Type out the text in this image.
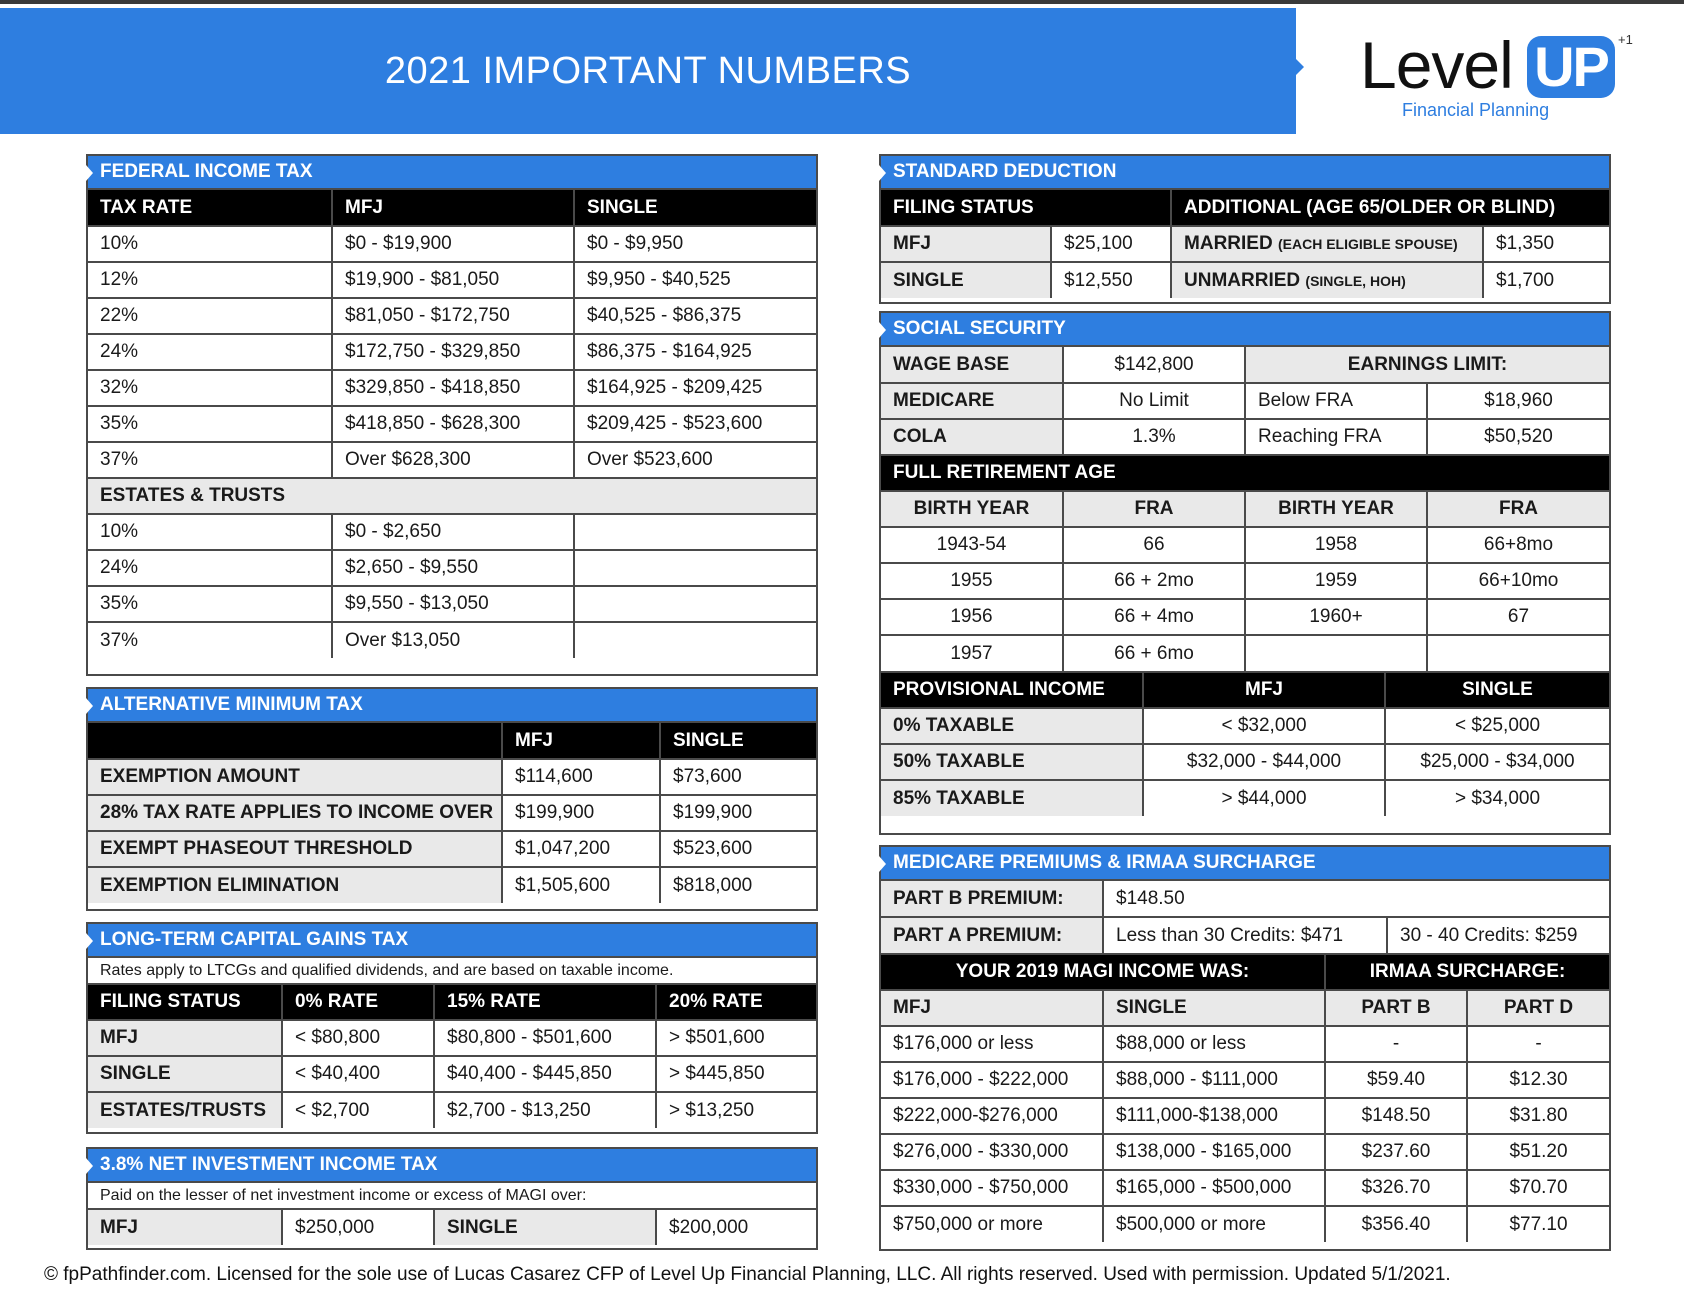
2021 IMPORTANT NUMBERS	Level UP +1
Financial Planning
FEDERAL INCOME TAX
TAX RATE	MFJ	SINGLE
10%	$0 - $19,900	$0 - $9,950
12%	$19,900 - $81,050	$9,950 - $40,525
22%	$81,050 - $172,750	$40,525 - $86,375
24%	$172,750 - $329,850	$86,375 - $164,925
32%	$329,850 - $418,850	$164,925 - $209,425
35%	$418,850 - $628,300	$209,425 - $523,600
37%	Over $628,300	Over $523,600
ESTATES & TRUSTS		
10%	$0 - $2,650	
24%	$2,650 - $9,550	
35%	$9,550 - $13,050	
37%	Over $13,050	
ALTERNATIVE MINIMUM TAX
	MFJ	SINGLE
EXEMPTION AMOUNT	$114,600	$73,600
28% TAX RATE APPLIES TO INCOME OVER	$199,900	$199,900
EXEMPT PHASEOUT THRESHOLD	$1,047,200	$523,600
EXEMPTION ELIMINATION	$1,505,600	$818,000
LONG-TERM CAPITAL GAINS TAX
Rates apply to LTCGs and qualified dividends, and are based on taxable income.			
FILING STATUS	0% RATE	15% RATE	20% RATE
MFJ	< $80,800	$80,800 - $501,600	> $501,600
SINGLE	< $40,400	$40,400 - $445,850	> $445,850
ESTATES/TRUSTS	< $2,700	$2,700 - $13,250	> $13,250
3.8% NET INVESTMENT INCOME TAX
Paid on the lesser of net investment income or excess of MAGI over:
MFJ	$250,000	SINGLE	$200,000
STANDARD DEDUCTION
FILING STATUS		ADDITIONAL (AGE 65/OLDER OR BLIND)	
MFJ	$25,100	MARRIED (EACH ELIGIBLE SPOUSE)	$1,350
SINGLE	$12,550	UNMARRIED (SINGLE, HOH)	$1,700
SOCIAL SECURITY
WAGE BASE	$142,800	EARNINGS LIMIT:	
MEDICARE	No Limit	Below FRA	$18,960
COLA	1.3%	Reaching FRA	$50,520
FULL RETIREMENT AGE			
BIRTH YEAR	FRA	BIRTH YEAR	FRA
1943-54	66	1958	66+8mo
1955	66 + 2mo	1959	66+10mo
1956	66 + 4mo	1960+	67
1957	66 + 6mo		
PROVISIONAL INCOME	MFJ	SINGLE
0% TAXABLE	< $32,000	< $25,000
50% TAXABLE	$32,000 - $44,000	$25,000 - $34,000
85% TAXABLE	> $44,000	> $34,000
MEDICARE PREMIUMS & IRMAA SURCHARGE
PART B PREMIUM:	$148.50	
PART A PREMIUM:	Less than 30 Credits: $471	30 - 40 Credits: $259
YOUR 2019 MAGI INCOME WAS:		IRMAA SURCHARGE:	
MFJ	SINGLE	PART B	PART D
$176,000 or less	$88,000 or less	-	-
$176,000 - $222,000	$88,000 - $111,000	$59.40	$12.30
$222,000-$276,000	$111,000-$138,000	$148.50	$31.80
$276,000 - $330,000	$138,000 - $165,000	$237.60	$51.20
$330,000 - $750,000	$165,000 - $500,000	$326.70	$70.70
$750,000 or more	$500,000 or more	$356.40	$77.10
© fpPathfinder.com. Licensed for the sole use of Lucas Casarez CFP of Level Up Financial Planning, LLC. All rights reserved. Used with permission. Updated 5/1/2021.
